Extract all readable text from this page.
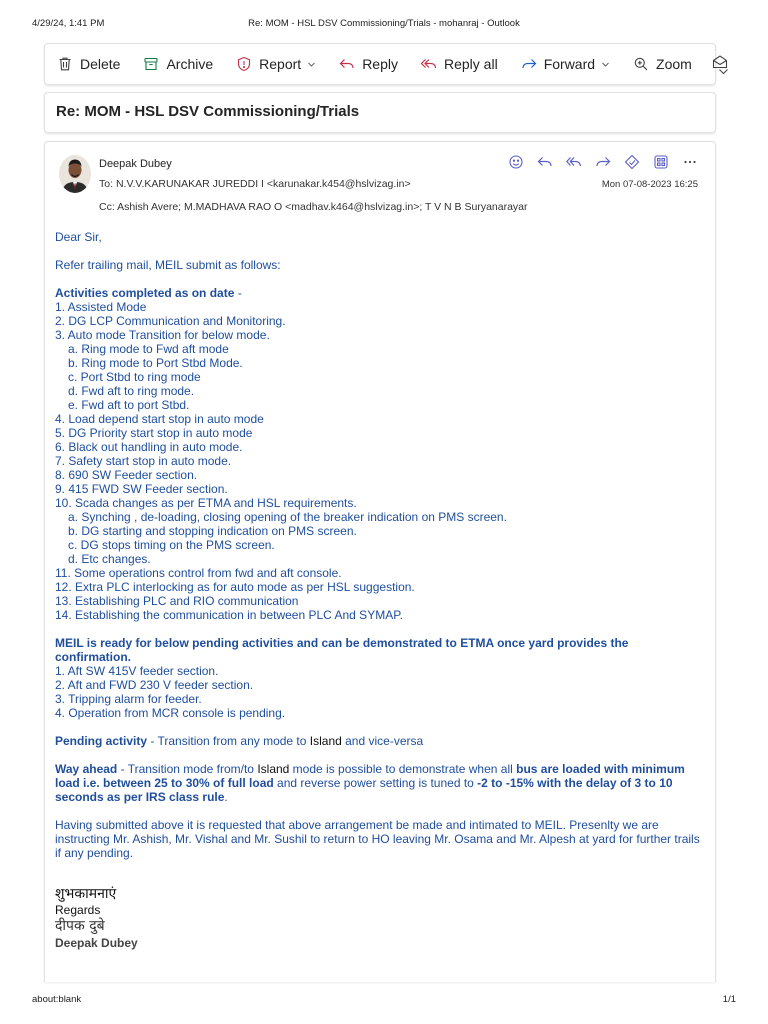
4/29/24, 1:41 PM	Re: MOM - HSL DSV Commissioning/Trials - mohanraj - Outlook
Delete	Archive	Report	Reply	Reply all	Forward	Zoom
Re: MOM - HSL DSV Commissioning/Trials
Deepak Dubey
To: N.V.V.KARUNAKAR JUREDDI I <karunakar.k454@hslvizag.in>
Cc: Ashish Avere; M.MADHAVA RAO O <madhav.k464@hslvizag.in>; T V N B Suryanarayar
Mon 07-08-2023 16:25

Dear Sir,

Refer trailing mail, MEIL submit as follows:

Activities completed as on date -

1. Assisted Mode

2. DG LCP Communication and Monitoring.

3. Auto mode Transition for below mode.

a. Ring mode to Fwd aft mode

b. Ring mode to Port Stbd Mode.

c. Port Stbd to ring mode

d. Fwd aft to ring mode.

e. Fwd aft to port Stbd.

4. Load depend start stop in auto mode

5. DG Priority start stop in auto mode

6. Black out handling in auto mode.

7. Safety start stop in auto mode.

8. 690 SW Feeder section.

9. 415 FWD SW Feeder section.

10. Scada changes as per ETMA and HSL requirements.

a. Synching , de-loading, closing opening of the breaker indication on PMS screen.

b. DG starting and stopping indication on PMS screen.

c. DG stops timing on the PMS screen.

d. Etc changes.

11. Some operations control from fwd and aft console.

12. Extra PLC interlocking as for auto mode as per HSL suggestion.

13. Establishing PLC and RIO communication

14. Establishing the communication in between PLC And SYMAP.

MEIL is ready for below pending activities and can be demonstrated to ETMA once yard provides the confirmation.

1. Aft SW 415V feeder section.

2. Aft and FWD 230 V feeder section.

3. Tripping alarm for feeder.

4. Operation from MCR console is pending.

Pending activity - Transition from any mode to Island and vice-versa

Way ahead - Transition mode from/to Island mode is possible to demonstrate when all bus are loaded with minimum load i.e. between 25 to 30% of full load and reverse power setting is tuned to -2 to -15% with the delay of 3 to 10 seconds as per IRS class rule.

Having submitted above it is requested that above arrangement be made and intimated to MEIL. Presenlty we are instructing Mr. Ashish, Mr. Vishal and Mr. Sushil to return to HO leaving Mr. Osama and Mr. Alpesh at yard for further trails if any pending.

शुभकामनाएं
Regards
दीपक दुबे
Deepak Dubey
about:blank	1/1
